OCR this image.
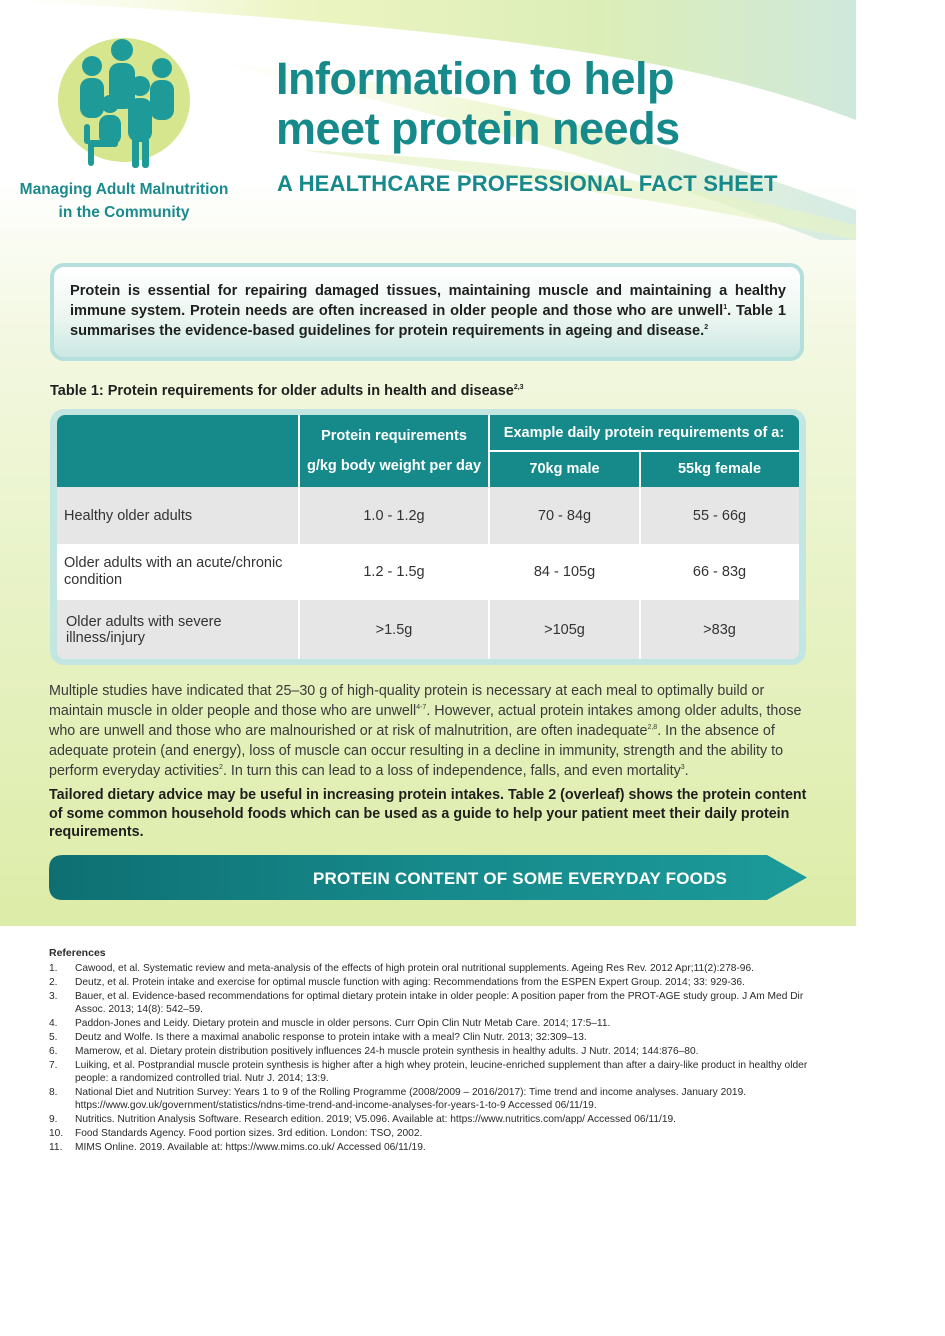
Managing Adult Malnutrition
in the Community
Information to help
meet protein needs
A HEALTHCARE PROFESSIONAL FACT SHEET
Protein is essential for repairing damaged tissues, maintaining muscle and maintaining a healthy immune system. Protein needs are often increased in older people and those who are unwell$^1$. Table 1 summarises the evidence-based guidelines for protein requirements in ageing and disease.$^2$
Table 1: Protein requirements for older adults in health and disease$^{2,3}$
Protein requirements
g/kg body weight per day
Example daily protein requirements of a:
70kg male	55kg female
Healthy older adults	1.0 - 1.2g	70 - 84g	55 - 66g
Older adults with an acute/chronic condition	1.2 - 1.5g	84 - 105g	66 - 83g
Older adults with severe illness/injury	>1.5g	>105g	>83g
Multiple studies have indicated that 25–30 g of high-quality protein is necessary at each meal to optimally build or maintain muscle in older people and those who are unwell$^{4-7}$. However, actual protein intakes among older adults, those who are unwell and those who are malnourished or at risk of malnutrition, are often inadequate$^{2,8}$. In the absence of adequate protein (and energy), loss of muscle can occur resulting in a decline in immunity, strength and the ability to perform everyday activities$^2$. In turn this can lead to a loss of independence, falls, and even mortality$^3$.
Tailored dietary advice may be useful in increasing protein intakes. Table 2 (overleaf) shows the protein content of some common household foods which can be used as a guide to help your patient meet their daily protein requirements.
PROTEIN CONTENT OF SOME EVERYDAY FOODS
References
1.	Cawood, et al. Systematic review and meta-analysis of the effects of high protein oral nutritional supplements. Ageing Res Rev. 2012 Apr;11(2):278-96.
2.	Deutz, et al. Protein intake and exercise for optimal muscle function with aging: Recommendations from the ESPEN Expert Group. 2014; 33: 929-36.
3.	Bauer, et al. Evidence-based recommendations for optimal dietary protein intake in older people: A position paper from the PROT-AGE study group. J Am Med Dir Assoc. 2013; 14(8): 542–59.
4.	Paddon-Jones and Leidy. Dietary protein and muscle in older persons. Curr Opin Clin Nutr Metab Care. 2014; 17:5–11.
5.	Deutz and Wolfe. Is there a maximal anabolic response to protein intake with a meal? Clin Nutr. 2013; 32:309–13.
6.	Mamerow, et al. Dietary protein distribution positively influences 24-h muscle protein synthesis in healthy adults. J Nutr. 2014; 144:876–80.
7.	Luiking, et al. Postprandial muscle protein synthesis is higher after a high whey protein, leucine-enriched supplement than after a dairy-like product in healthy older people: a randomized controlled trial. Nutr J. 2014; 13:9.
8.	National Diet and Nutrition Survey: Years 1 to 9 of the Rolling Programme (2008/2009 – 2016/2017): Time trend and income analyses. January 2019. https://www.gov.uk/government/statistics/ndns-time-trend-and-income-analyses-for-years-1-to-9 Accessed 06/11/19.
9.	Nutritics. Nutrition Analysis Software. Research edition. 2019; V5.096. Available at: https://www.nutritics.com/app/ Accessed 06/11/19.
10.	Food Standards Agency. Food portion sizes. 3rd edition. London: TSO, 2002.
11.	MIMS Online. 2019. Available at: https://www.mims.co.uk/ Accessed 06/11/19.
